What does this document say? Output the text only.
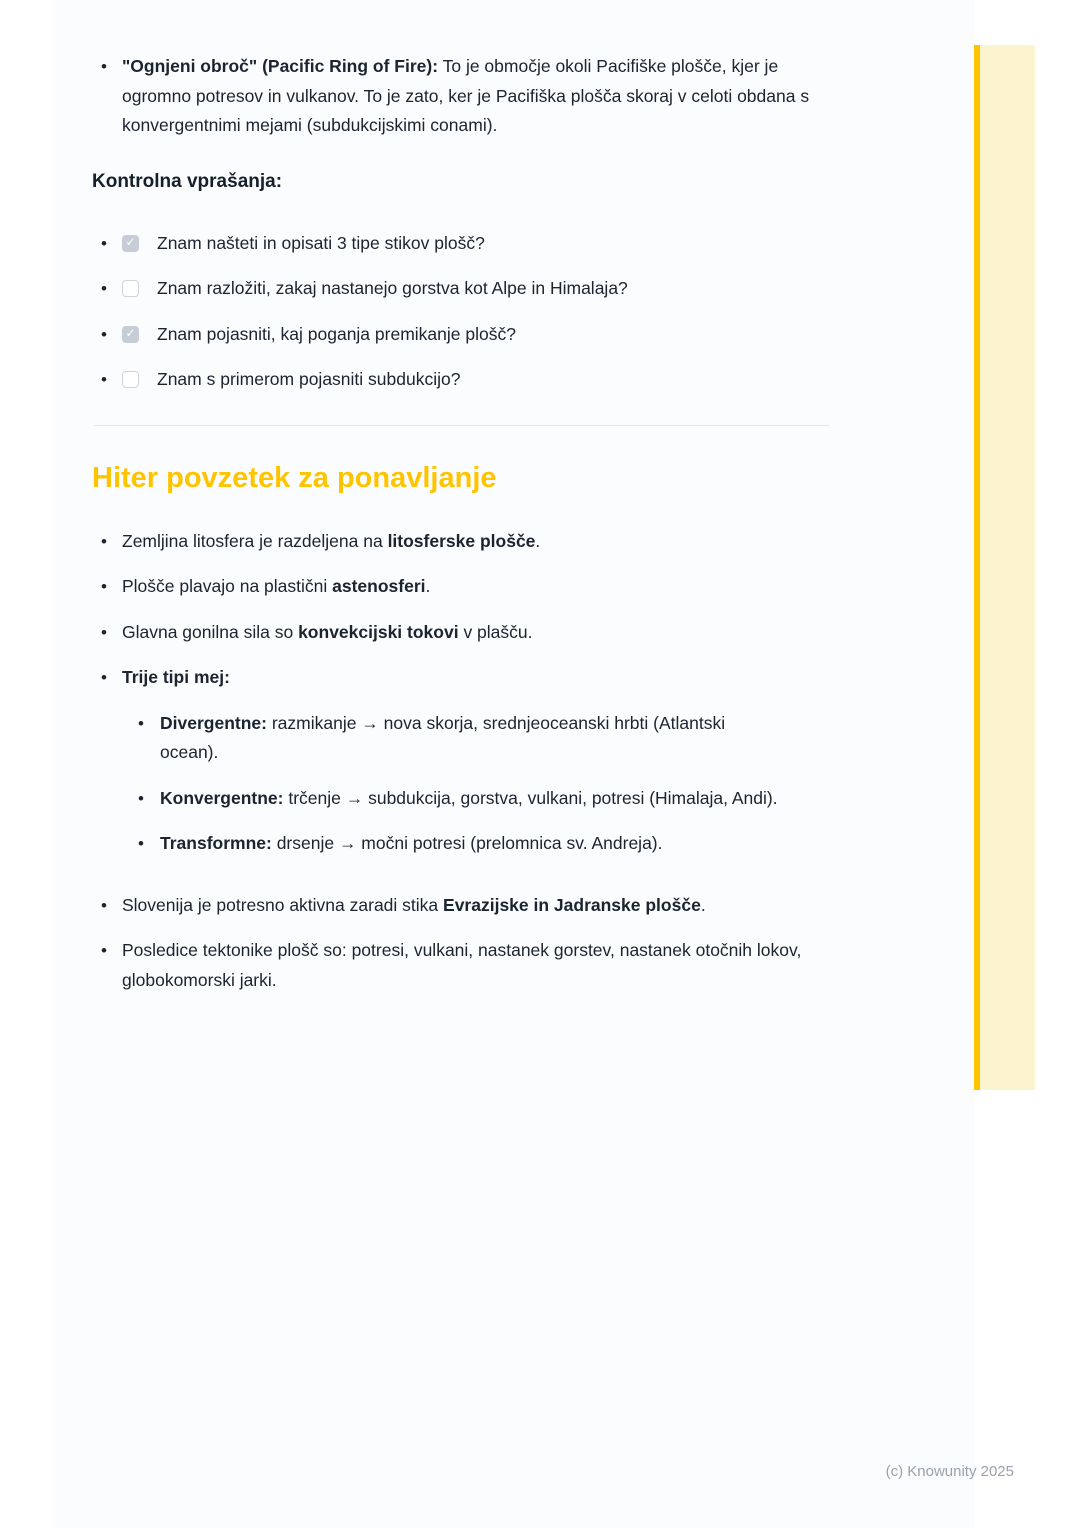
• "Ognjeni obroč" (Pacific Ring of Fire): To je območje okoli Pacifiške plošče, kjer je ogromno potresov in vulkanov. To je zato, ker je Pacifiška plošča skoraj v celoti obdana s konvergentnimi mejami (subdukcijskimi conami).
Kontrolna vprašanja:
•	✓ Znam našteti in opisati 3 tipe stikov plošč?
•	Znam razložiti, zakaj nastanejo gorstva kot Alpe in Himalaja?
•	✓ Znam pojasniti, kaj poganja premikanje plošč?
•	Znam s primerom pojasniti subdukcijo?
Hiter povzetek za ponavljanje
• Zemljina litosfera je razdeljena na litosferske plošče.
• Plošče plavajo na plastični astenosferi.
• Glavna gonilna sila so konvekcijski tokovi v plašču.
• Trije tipi mej:
• Divergentne: razmikanje → nova skorja, srednjeoceanski hrbti (Atlantski ocean).
• Konvergentne: trčenje → subdukcija, gorstva, vulkani, potresi (Himalaja, Andi).
• Transformne: drsenje → močni potresi (prelomnica sv. Andreja).
• Slovenija je potresno aktivna zaradi stika Evrazijske in Jadranske plošče.
• Posledice tektonike plošč so: potresi, vulkani, nastanek gorstev, nastanek otočnih lokov, globokomorski jarki.
(c) Knowunity 2025
